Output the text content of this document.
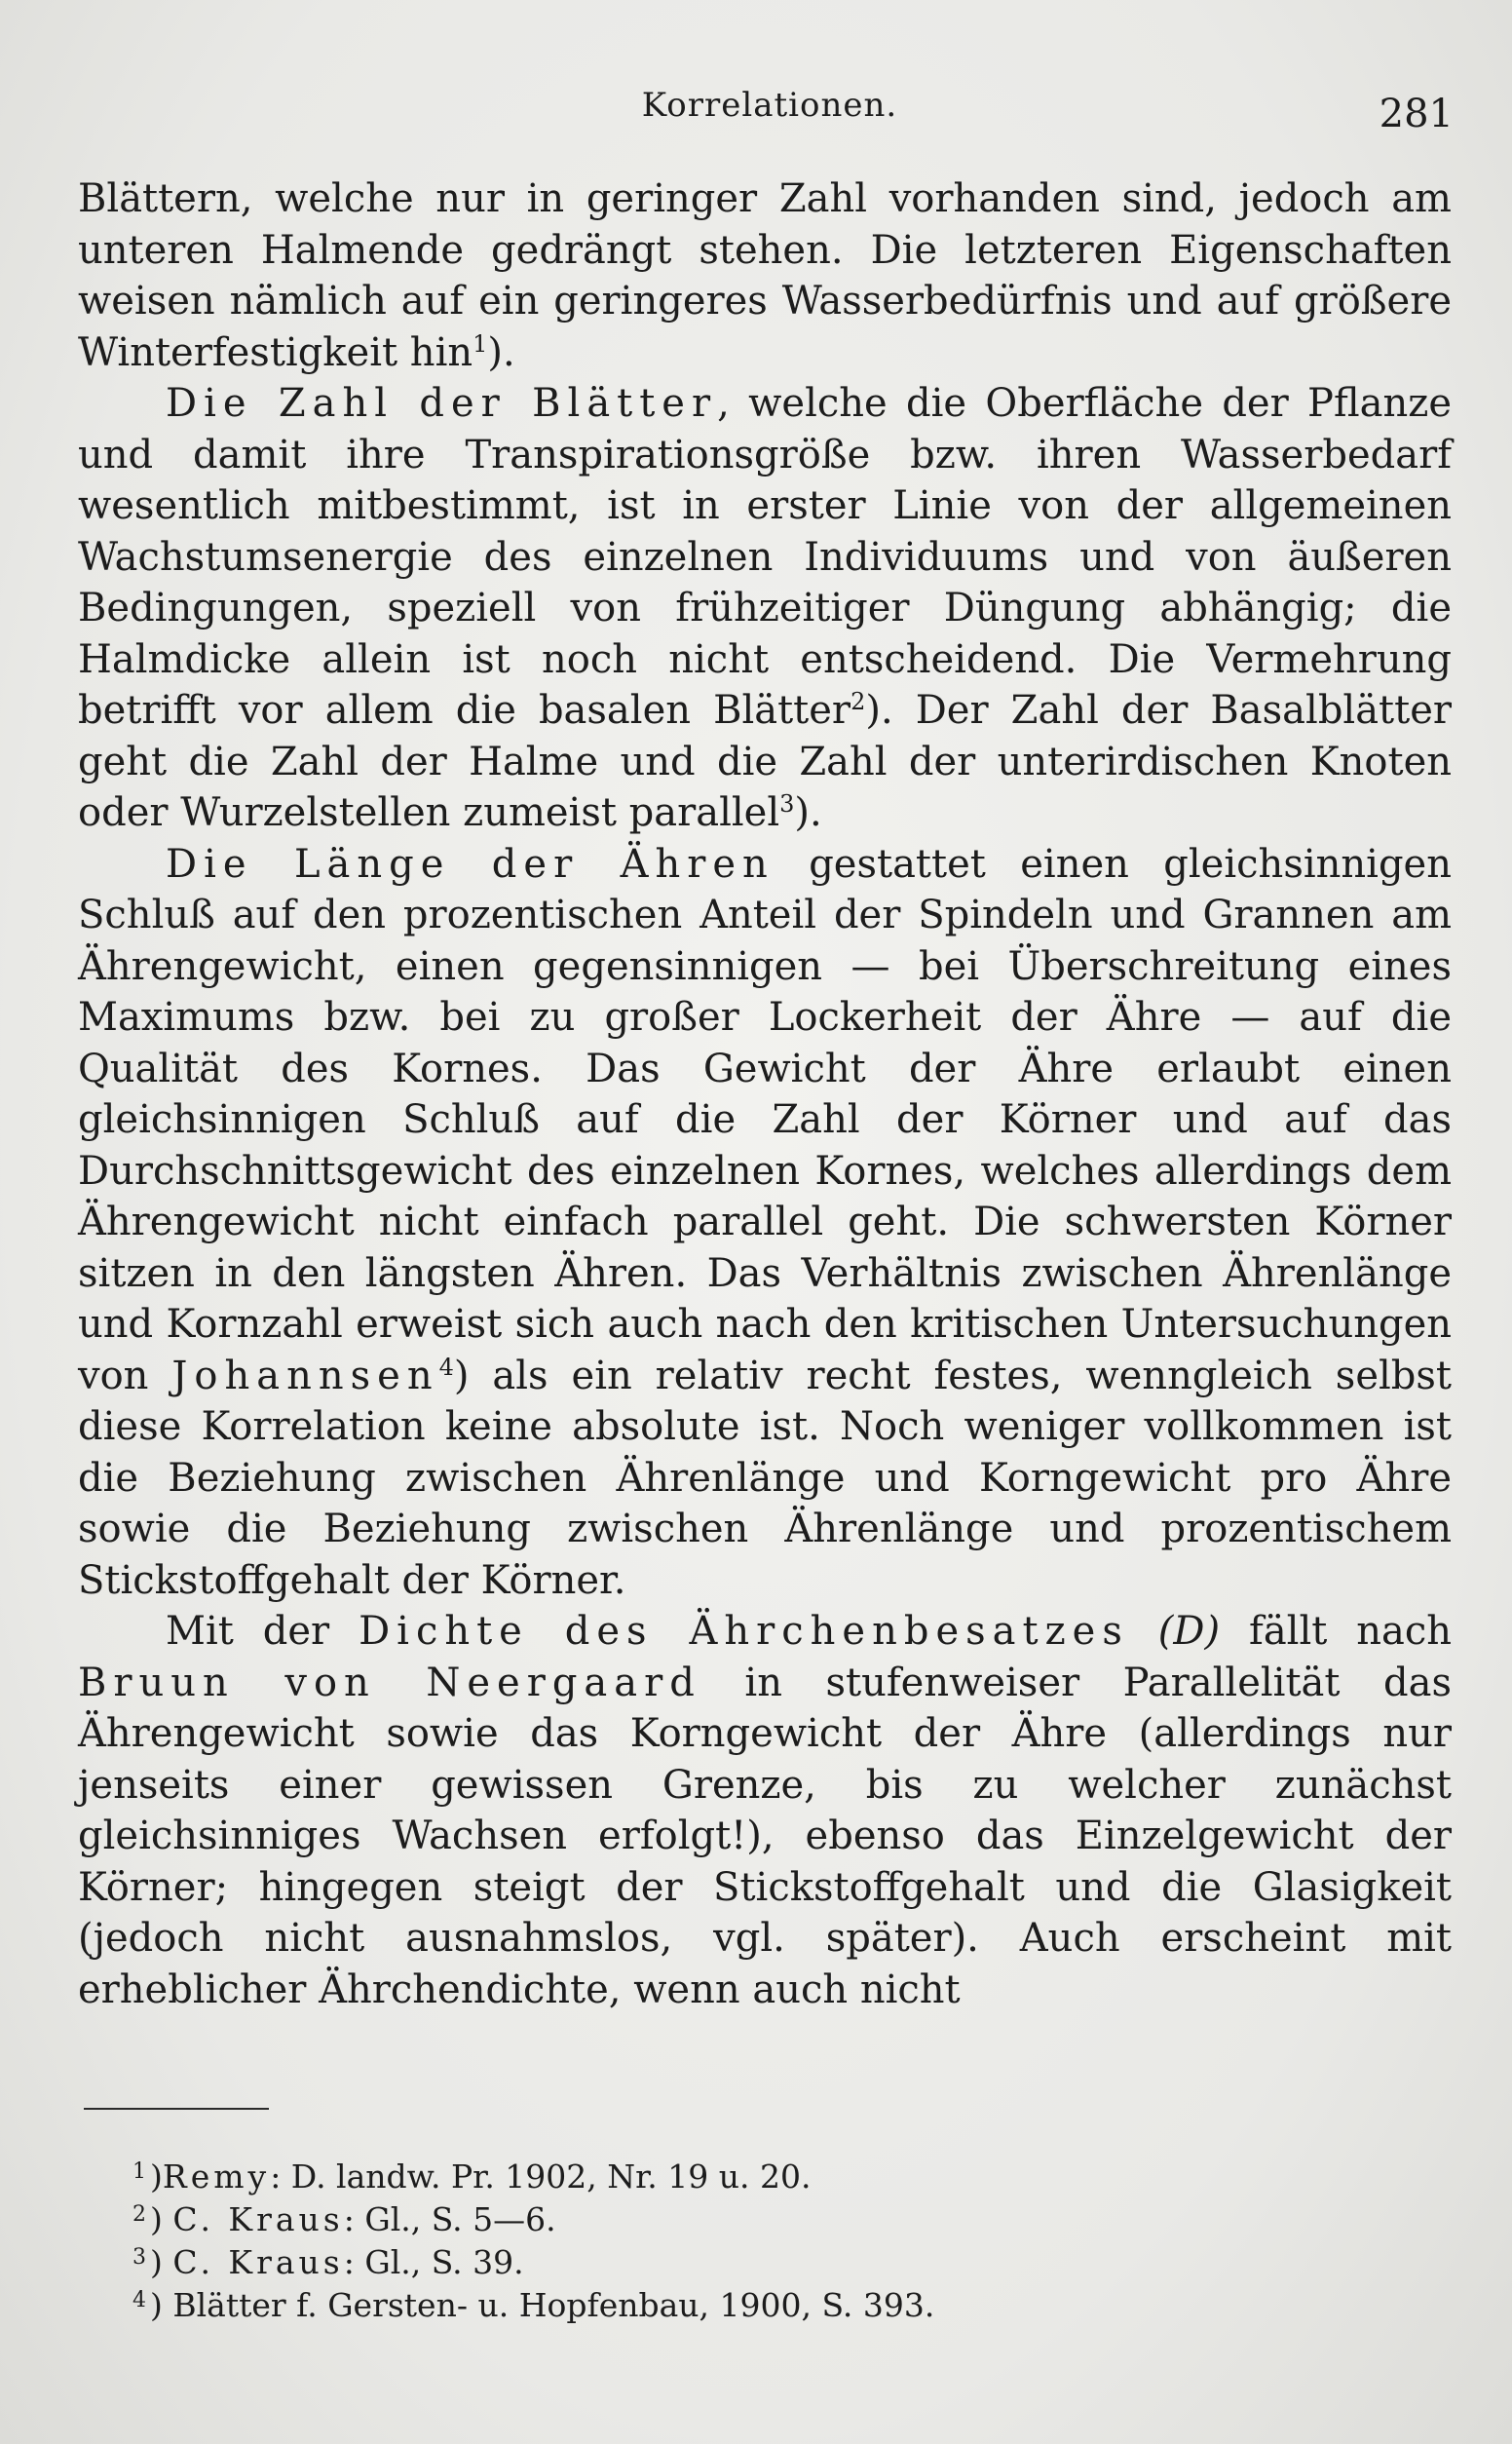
Korrelationen.	281

Blättern, welche nur in geringer Zahl vorhanden sind, jedoch am unteren Halmende gedrängt stehen. Die letzteren Eigenschaften weisen nämlich auf ein geringeres Wasserbedürfnis und auf größere Winterfestigkeit hin$^1$).

Die Zahl der Blätter, welche die Oberfläche der Pflanze und damit ihre Transpirationsgröße bzw. ihren Wasserbedarf wesentlich mitbestimmt, ist in erster Linie von der allgemeinen Wachstumsenergie des einzelnen Individuums und von äußeren Bedingungen, speziell von frühzeitiger Düngung abhängig; die Halmdicke allein ist noch nicht entscheidend. Die Vermehrung betrifft vor allem die basalen Blätter$^2$). Der Zahl der Basalblätter geht die Zahl der Halme und die Zahl der unterirdischen Knoten oder Wurzelstellen zumeist parallel$^3$).

Die Länge der Ähren gestattet einen gleichsinnigen Schluß auf den prozentischen Anteil der Spindeln und Grannen am Ährengewicht, einen gegensinnigen — bei Überschreitung eines Maximums bzw. bei zu großer Lockerheit der Ähre — auf die Qualität des Kornes. Das Gewicht der Ähre erlaubt einen gleichsinnigen Schluß auf die Zahl der Körner und auf das Durchschnittsgewicht des einzelnen Kornes, welches allerdings dem Ährengewicht nicht einfach parallel geht. Die schwersten Körner sitzen in den längsten Ähren. Das Verhältnis zwischen Ährenlänge und Kornzahl erweist sich auch nach den kritischen Untersuchungen von Johannsen$^4$) als ein relativ recht festes, wenngleich selbst diese Korrelation keine absolute ist. Noch weniger vollkommen ist die Beziehung zwischen Ährenlänge und Korngewicht pro Ähre sowie die Beziehung zwischen Ährenlänge und prozentischem Stickstoffgehalt der Körner.

Mit der Dichte des Ährchenbesatzes (D) fällt nach Bruun von Neergaard in stufenweiser Parallelität das Ährengewicht sowie das Korngewicht der Ähre (allerdings nur jenseits einer gewissen Grenze, bis zu welcher zunächst gleichsinniges Wachsen erfolgt!), ebenso das Einzelgewicht der Körner; hingegen steigt der Stickstoffgehalt und die Glasigkeit (jedoch nicht ausnahmslos, vgl. später). Auch erscheint mit erheblicher Ährchendichte, wenn auch nicht

$^1$ )Remy: D. landw. Pr. 1902, Nr. 19 u. 20.

$^2$ ) C. Kraus: Gl., S. 5—6.

$^3$ ) C. Kraus: Gl., S. 39.

$^4$ ) Blätter f. Gersten- u. Hopfenbau, 1900, S. 393.
